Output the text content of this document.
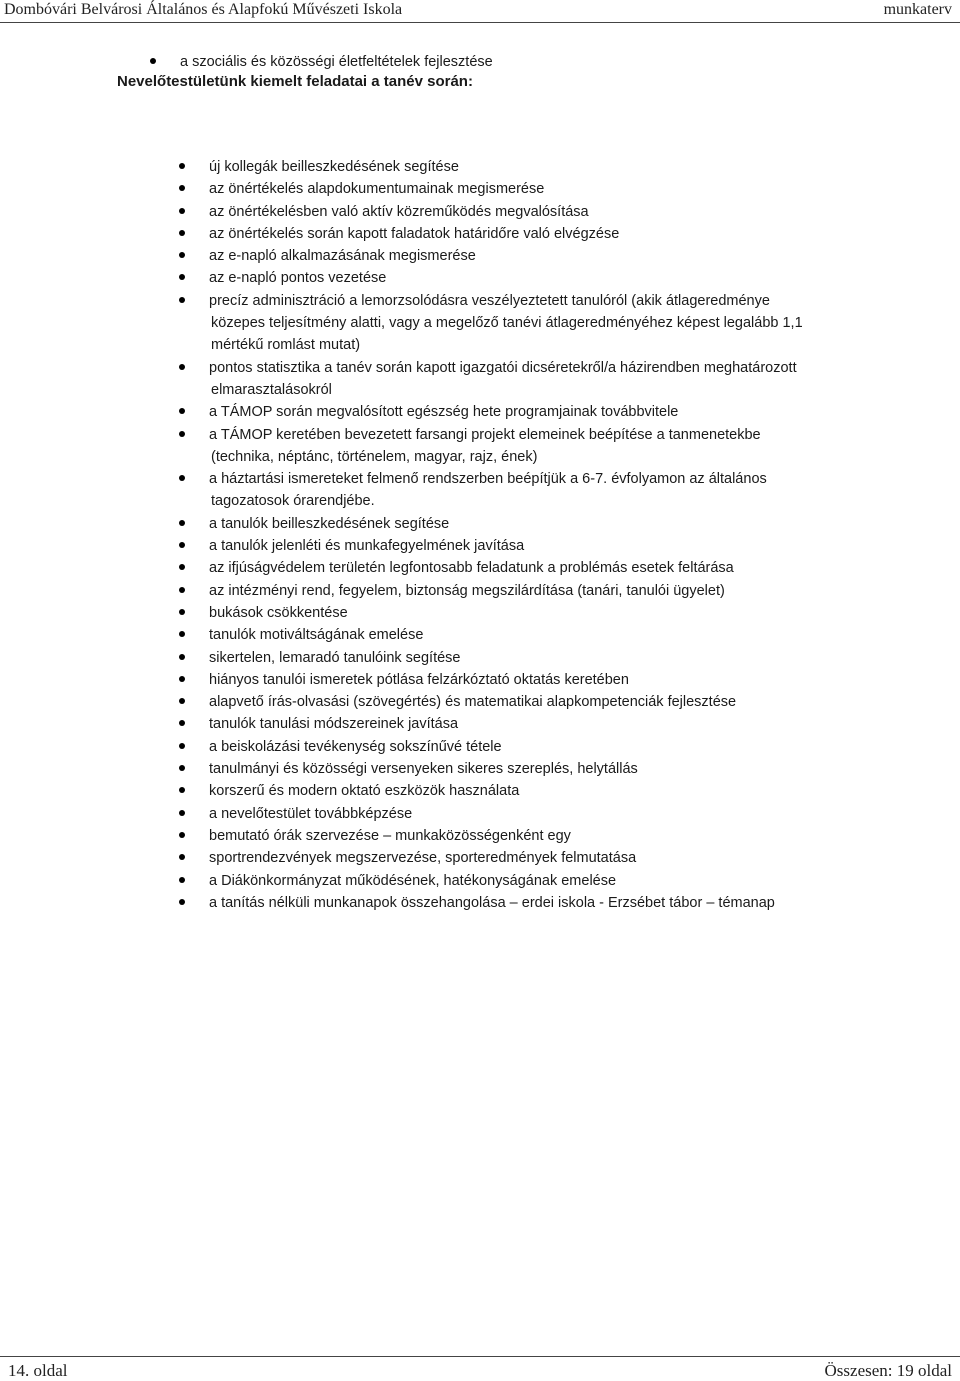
Dombóvári Belvárosi Általános és Alapfokú Művészeti Iskola	munkaterv
a szociális és közösségi életfeltételek fejlesztése
Nevelőtestületünk kiemelt feladatai a tanév során:
új kollegák beilleszkedésének segítése
az önértékelés alapdokumentumainak megismerése
az önértékelésben való aktív közreműködés megvalósítása
az önértékelés során kapott faladatok határidőre való elvégzése
az e-napló alkalmazásának megismerése
az e-napló pontos vezetése
precíz adminisztráció a lemorzsolódásra veszélyeztetett tanulóról (akik átlageredménye
közepes teljesítmény alatti, vagy a megelőző tanévi átlageredményéhez képest legalább 1,1
mértékű romlást mutat)
pontos statisztika a tanév során kapott igazgatói dicséretekről/a házirendben meghatározott
elmarasztalásokról
a TÁMOP során megvalósított egészség hete programjainak továbbvitele
a TÁMOP keretében bevezetett farsangi projekt elemeinek beépítése a tanmenetekbe
(technika, néptánc, történelem, magyar, rajz, ének)
a háztartási ismereteket felmenő rendszerben beépítjük a 6-7. évfolyamon az általános
tagozatosok órarendjébe.
a tanulók beilleszkedésének segítése
a tanulók jelenléti és munkafegyelmének javítása
az ifjúságvédelem területén legfontosabb feladatunk a problémás esetek feltárása
az intézményi rend, fegyelem, biztonság megszilárdítása (tanári, tanulói ügyelet)
bukások csökkentése
tanulók motiváltságának emelése
sikertelen, lemaradó tanulóink segítése
hiányos tanulói ismeretek pótlása felzárkóztató oktatás keretében
alapvető írás-olvasási (szövegértés) és matematikai alapkompetenciák fejlesztése
tanulók tanulási módszereinek javítása
a beiskolázási tevékenység sokszínűvé tétele
tanulmányi és közösségi versenyeken sikeres szereplés, helytállás
korszerű és modern oktató eszközök használata
a nevelőtestület továbbképzése
bemutató órák szervezése – munkaközösségenként egy
sportrendezvények megszervezése, sporteredmények felmutatása
a Diákönkormányzat működésének, hatékonyságának emelése
a tanítás nélküli munkanapok összehangolása – erdei iskola - Erzsébet tábor – témanap
14. oldal	Összesen: 19 oldal
